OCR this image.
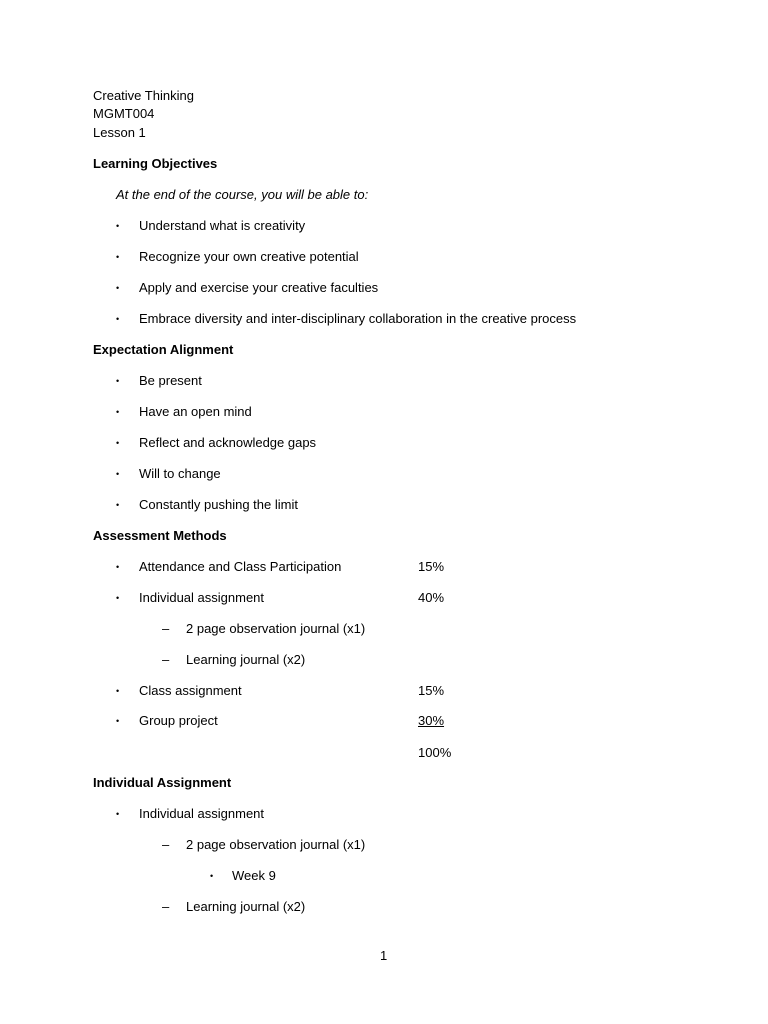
Creative Thinking
MGMT004
Lesson 1
Learning Objectives
At the end of the course, you will be able to:
• Understand what is creativity
• Recognize your own creative potential
• Apply and exercise your creative faculties
• Embrace diversity and inter-disciplinary collaboration in the creative process
Expectation Alignment
• Be present
• Have an open mind
• Reflect and acknowledge gaps
• Will to change
• Constantly pushing the limit
Assessment Methods
• Attendance and Class Participation	15%
• Individual assignment	40%
– 2 page observation journal (x1)
– Learning journal (x2)
• Class assignment	15%
• Group project	30%
100%
Individual Assignment
• Individual assignment
– 2 page observation journal (x1)
• Week 9
– Learning journal (x2)
1
